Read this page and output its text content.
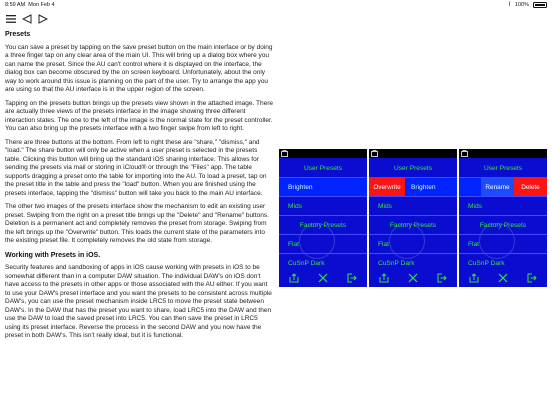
8:59 AM Mon Feb 4	⌇ 100%
Presets

You can save a preset by tapping on the save preset button on the main interface or by doing a three finger tap on any clear area of the main UI. This will bring up a dialog box where you can name the preset. Since the AU can't control where it is displayed on the interface, the dialog box can become obscured by the on screen keyboard. Unfortunately, about the only way to work around this issue is planning on the part of the user. Try to arrange the app you are using so that the AU interface is in the upper region of the screen.

Tapping on the presets button brings up the presets view shown in the attached image. There are actually three views of the presets interface in the image showing three different interaction states. The one to the left of the image is the normal state for the preset controller. You can also bring up the presets interface with a two finger swipe from left to right.

There are three buttons at the bottom. From left to right these are "share," "dismiss," and "load." The share button will only be active when a user preset is selected in the presets table. Clicking this button will bring up the standard iOS sharing interface. This allows for sending the presets via mail or storing in iCloud® or through the "Files" app. The table supports dragging a preset onto the table for importing into the AU. To load a preset, tap on the preset title in the table and press the "load" button. When you are finished using the presets interface, tapping the "dismiss" button will take you back to the main AU interface.

The other two images of the presets interface show the mechanism to edit an existing user preset. Swiping from the right on a preset title brings up the "Delete" and "Rename" buttons. Deletion is a permanent act and completely removes the preset from storage. Swiping from the left brings up the "Overwrite" button. This loads the current state of the parameters into the existing preset file. It completely removes the old state from storage.

Working with Presets in iOS.

Security features and sandboxing of apps in iOS cause working with presets in iOS to be somewhat different than in a computer DAW situation. The individual DAW's on iOS don't have access to the presets in other apps or those associated with the AU either. If you want to use your DAW's preset interface and you want the presets to be consistent across multiple DAW's, you can use the preset mechanism inside LRC5 to move the preset state between DAW's. In the DAW that has the preset you want to share, load LRC5 into the DAW and then use the DAW to load the saved preset into LRC5. You can then save the preset in LRC5 using its preset interface. Reverse the process in the second DAW and you now have the preset in both DAW's. This isn't really ideal, but it is functional.

User Presets
Brighten
Mids
Factory Presets
Flat
CuSnP Dark
User Presets
Overwrite	Brighten
Mids
Factory Presets
Flat
CuSnP Dark
User Presets
Rename	Delete
Mids
Factory Presets
Flat
CuSnP Dark
